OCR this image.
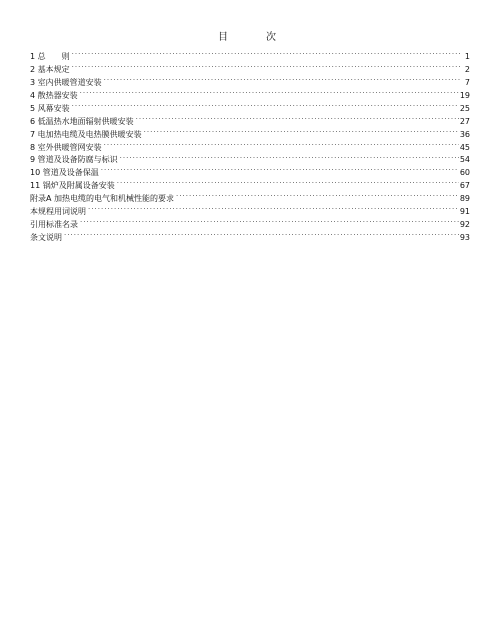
目　次
1 总　　则 . . .	1
2 基本规定 . . .	2
3 室内供暖管道安装 . . .	7
4 散热器安装 . . .	19
5 风幕安装 . . .	25
6 低温热水地面辐射供暖安装 . . .	27
7 电加热电缆及电热膜供暖安装 . . .	36
8 室外供暖管网安装 . . .	45
9 管道及设备防腐与标识 . . .	54
10 管道及设备保温 . . .	60
11 锅炉及附属设备安装 . . .	67
附录A 加热电缆的电气和机械性能的要求 . . .	89
本规程用词说明 . . .	91
引用标准名录 . . .	92
条文说明 . . .	93
